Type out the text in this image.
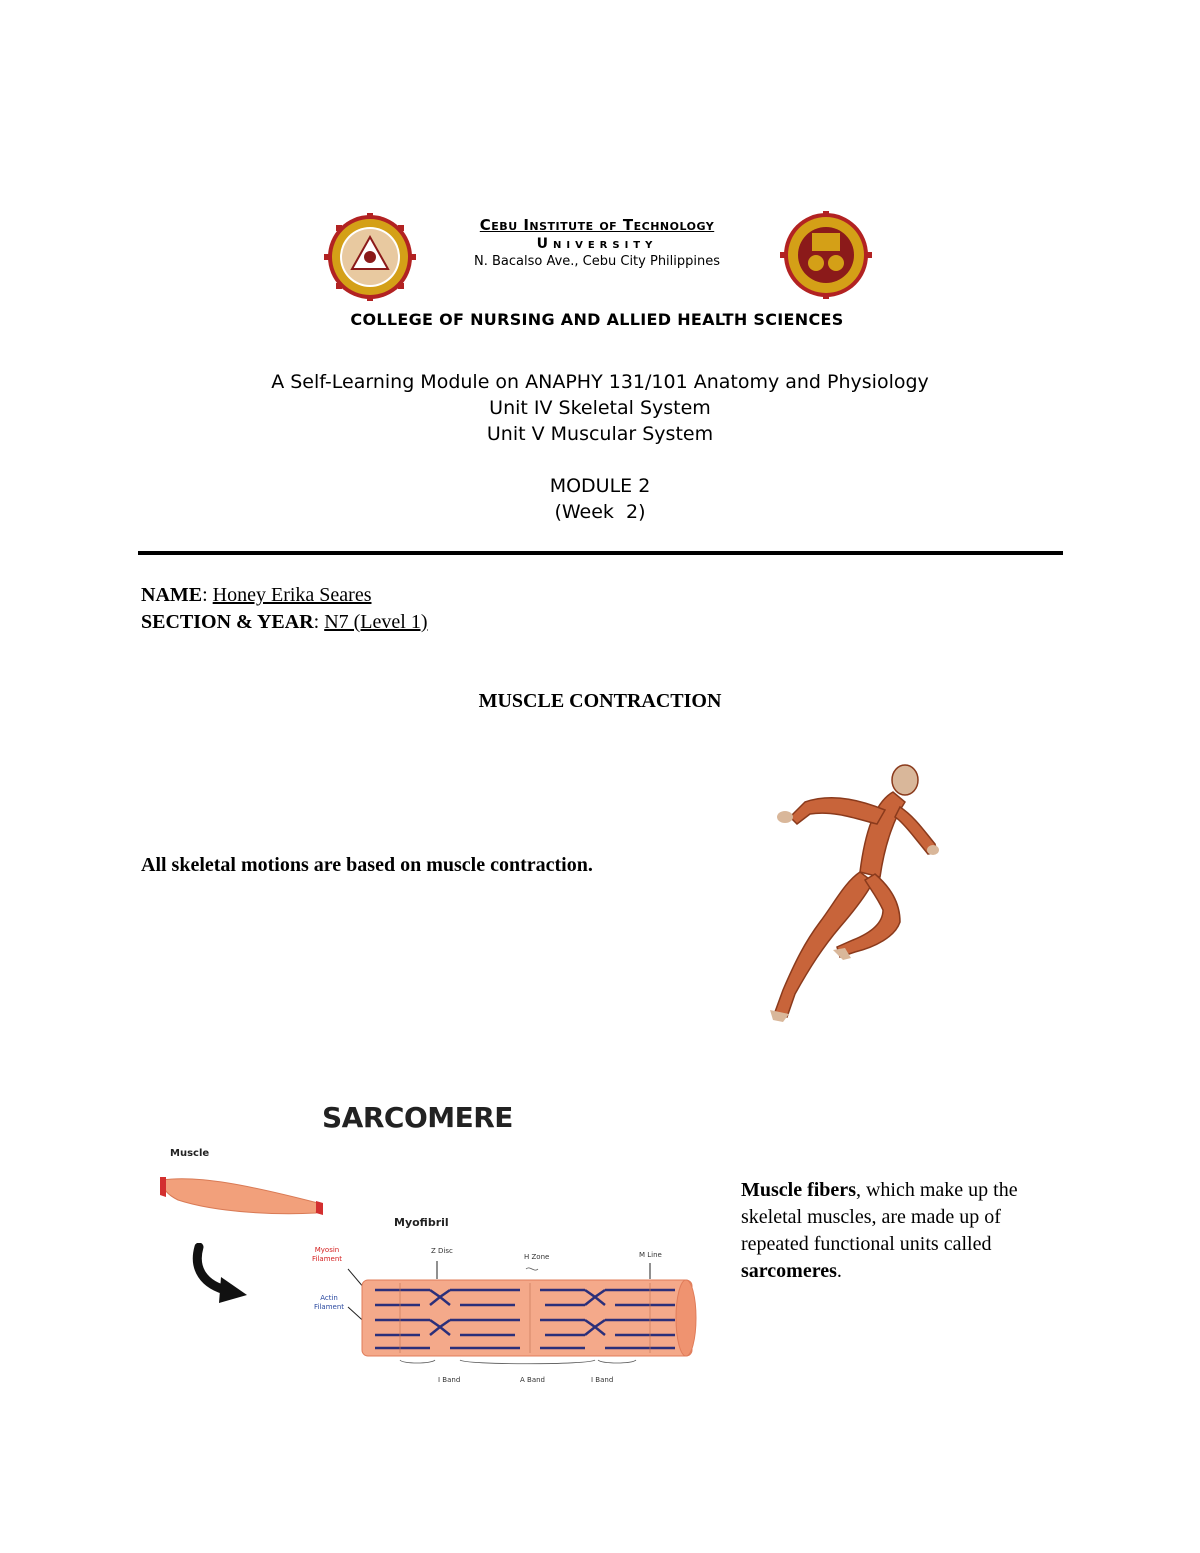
Cebu Institute of Technology
University
N. Bacalso Ave., Cebu City Philippines
COLLEGE OF NURSING AND ALLIED HEALTH SCIENCES
A Self-Learning Module on ANAPHY 131/101 Anatomy and Physiology
Unit IV Skeletal System
Unit V Muscular System
MODULE 2
(Week  2)
NAME: Honey Erika Seares
SECTION & YEAR: N7 (Level 1)
MUSCLE CONTRACTION
All skeletal motions are based on muscle contraction.
SARCOMERE
Muscle
Myofibril
Myosin
Filament
Actin
Filament
Z Disc
H Zone	M Line
I Band	A Band	I Band
Muscle fibers, which make up the skeletal muscles, are made up of repeated functional units called sarcomeres.
